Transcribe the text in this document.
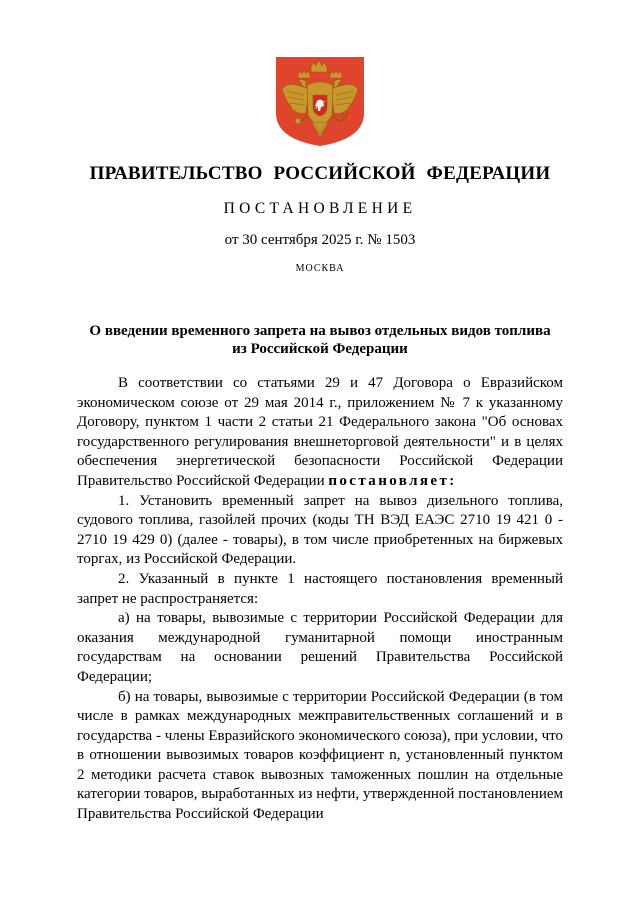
ПРАВИТЕЛЬСТВО РОССИЙСКОЙ ФЕДЕРАЦИИ
ПОСТАНОВЛЕНИЕ
от 30 сентября 2025 г. № 1503
МОСКВА
О введении временного запрета на вывоз отдельных видов топлива
из Российской Федерации

В соответствии со статьями 29 и 47 Договора о Евразийском экономическом союзе от 29 мая 2014 г., приложением № 7 к указанному Договору, пунктом 1 части 2 статьи 21 Федерального закона "Об основах государственного регулирования внешнеторговой деятельности" и в целях обеспечения энергетической безопасности Российской Федерации Правительство Российской Федерации постановляет:

1. Установить временный запрет на вывоз дизельного топлива, судового топлива, газойлей прочих (коды ТН ВЭД ЕАЭС 2710 19 421 0 - 2710 19 429 0) (далее - товары), в том числе приобретенных на биржевых торгах, из Российской Федерации.

2. Указанный в пункте 1 настоящего постановления временный запрет не распространяется:

а) на товары, вывозимые с территории Российской Федерации для оказания международной гуманитарной помощи иностранным государствам на основании решений Правительства Российской Федерации;

б) на товары, вывозимые с территории Российской Федерации (в том числе в рамках международных межправительственных соглашений и в государства - члены Евразийского экономического союза), при условии, что в отношении вывозимых товаров коэффициент n, установленный пунктом 2 методики расчета ставок вывозных таможенных пошлин на отдельные категории товаров, выработанных из нефти, утвержденной постановлением Правительства Российской Федерации
